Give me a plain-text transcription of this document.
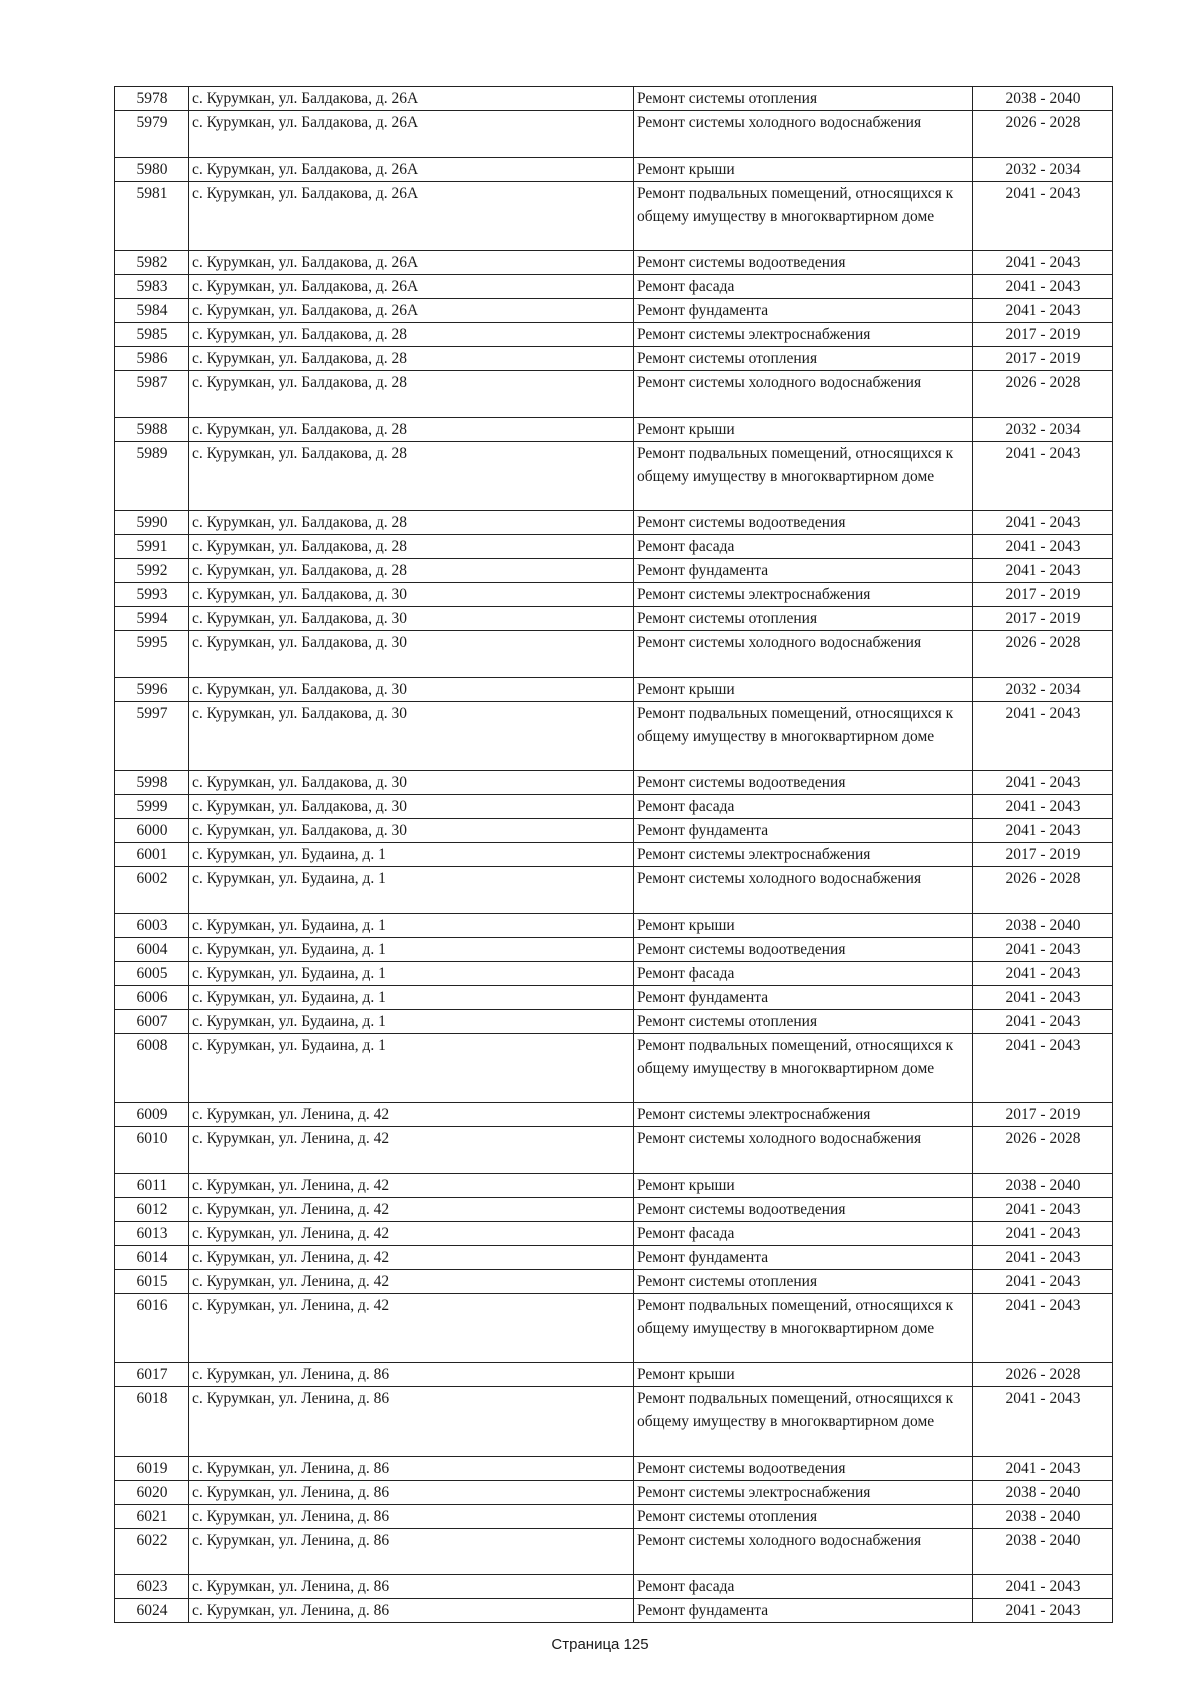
5978	с. Курумкан, ул. Балдакова, д. 26А	Ремонт системы отопления	2038 - 2040
5979	с. Курумкан, ул. Балдакова, д. 26А	Ремонт системы холодного водоснабжения	2026 - 2028
5980	с. Курумкан, ул. Балдакова, д. 26А	Ремонт крыши	2032 - 2034
5981	с. Курумкан, ул. Балдакова, д. 26А	Ремонт подвальных помещений, относящихся к общему имуществу в многоквартирном доме	2041 - 2043
5982	с. Курумкан, ул. Балдакова, д. 26А	Ремонт системы водоотведения	2041 - 2043
5983	с. Курумкан, ул. Балдакова, д. 26А	Ремонт фасада	2041 - 2043
5984	с. Курумкан, ул. Балдакова, д. 26А	Ремонт фундамента	2041 - 2043
5985	с. Курумкан, ул. Балдакова, д. 28	Ремонт системы электроснабжения	2017 - 2019
5986	с. Курумкан, ул. Балдакова, д. 28	Ремонт системы отопления	2017 - 2019
5987	с. Курумкан, ул. Балдакова, д. 28	Ремонт системы холодного водоснабжения	2026 - 2028
5988	с. Курумкан, ул. Балдакова, д. 28	Ремонт крыши	2032 - 2034
5989	с. Курумкан, ул. Балдакова, д. 28	Ремонт подвальных помещений, относящихся к общему имуществу в многоквартирном доме	2041 - 2043
5990	с. Курумкан, ул. Балдакова, д. 28	Ремонт системы водоотведения	2041 - 2043
5991	с. Курумкан, ул. Балдакова, д. 28	Ремонт фасада	2041 - 2043
5992	с. Курумкан, ул. Балдакова, д. 28	Ремонт фундамента	2041 - 2043
5993	с. Курумкан, ул. Балдакова, д. 30	Ремонт системы электроснабжения	2017 - 2019
5994	с. Курумкан, ул. Балдакова, д. 30	Ремонт системы отопления	2017 - 2019
5995	с. Курумкан, ул. Балдакова, д. 30	Ремонт системы холодного водоснабжения	2026 - 2028
5996	с. Курумкан, ул. Балдакова, д. 30	Ремонт крыши	2032 - 2034
5997	с. Курумкан, ул. Балдакова, д. 30	Ремонт подвальных помещений, относящихся к общему имуществу в многоквартирном доме	2041 - 2043
5998	с. Курумкан, ул. Балдакова, д. 30	Ремонт системы водоотведения	2041 - 2043
5999	с. Курумкан, ул. Балдакова, д. 30	Ремонт фасада	2041 - 2043
6000	с. Курумкан, ул. Балдакова, д. 30	Ремонт фундамента	2041 - 2043
6001	с. Курумкан, ул. Будаина, д. 1	Ремонт системы электроснабжения	2017 - 2019
6002	с. Курумкан, ул. Будаина, д. 1	Ремонт системы холодного водоснабжения	2026 - 2028
6003	с. Курумкан, ул. Будаина, д. 1	Ремонт крыши	2038 - 2040
6004	с. Курумкан, ул. Будаина, д. 1	Ремонт системы водоотведения	2041 - 2043
6005	с. Курумкан, ул. Будаина, д. 1	Ремонт фасада	2041 - 2043
6006	с. Курумкан, ул. Будаина, д. 1	Ремонт фундамента	2041 - 2043
6007	с. Курумкан, ул. Будаина, д. 1	Ремонт системы отопления	2041 - 2043
6008	с. Курумкан, ул. Будаина, д. 1	Ремонт подвальных помещений, относящихся к общему имуществу в многоквартирном доме	2041 - 2043
6009	с. Курумкан, ул. Ленина, д. 42	Ремонт системы электроснабжения	2017 - 2019
6010	с. Курумкан, ул. Ленина, д. 42	Ремонт системы холодного водоснабжения	2026 - 2028
6011	с. Курумкан, ул. Ленина, д. 42	Ремонт крыши	2038 - 2040
6012	с. Курумкан, ул. Ленина, д. 42	Ремонт системы водоотведения	2041 - 2043
6013	с. Курумкан, ул. Ленина, д. 42	Ремонт фасада	2041 - 2043
6014	с. Курумкан, ул. Ленина, д. 42	Ремонт фундамента	2041 - 2043
6015	с. Курумкан, ул. Ленина, д. 42	Ремонт системы отопления	2041 - 2043
6016	с. Курумкан, ул. Ленина, д. 42	Ремонт подвальных помещений, относящихся к общему имуществу в многоквартирном доме	2041 - 2043
6017	с. Курумкан, ул. Ленина, д. 86	Ремонт крыши	2026 - 2028
6018	с. Курумкан, ул. Ленина, д. 86	Ремонт подвальных помещений, относящихся к общему имуществу в многоквартирном доме	2041 - 2043
6019	с. Курумкан, ул. Ленина, д. 86	Ремонт системы водоотведения	2041 - 2043
6020	с. Курумкан, ул. Ленина, д. 86	Ремонт системы электроснабжения	2038 - 2040
6021	с. Курумкан, ул. Ленина, д. 86	Ремонт системы отопления	2038 - 2040
6022	с. Курумкан, ул. Ленина, д. 86	Ремонт системы холодного водоснабжения	2038 - 2040
6023	с. Курумкан, ул. Ленина, д. 86	Ремонт фасада	2041 - 2043
6024	с. Курумкан, ул. Ленина, д. 86	Ремонт фундамента	2041 - 2043
Страница 125
